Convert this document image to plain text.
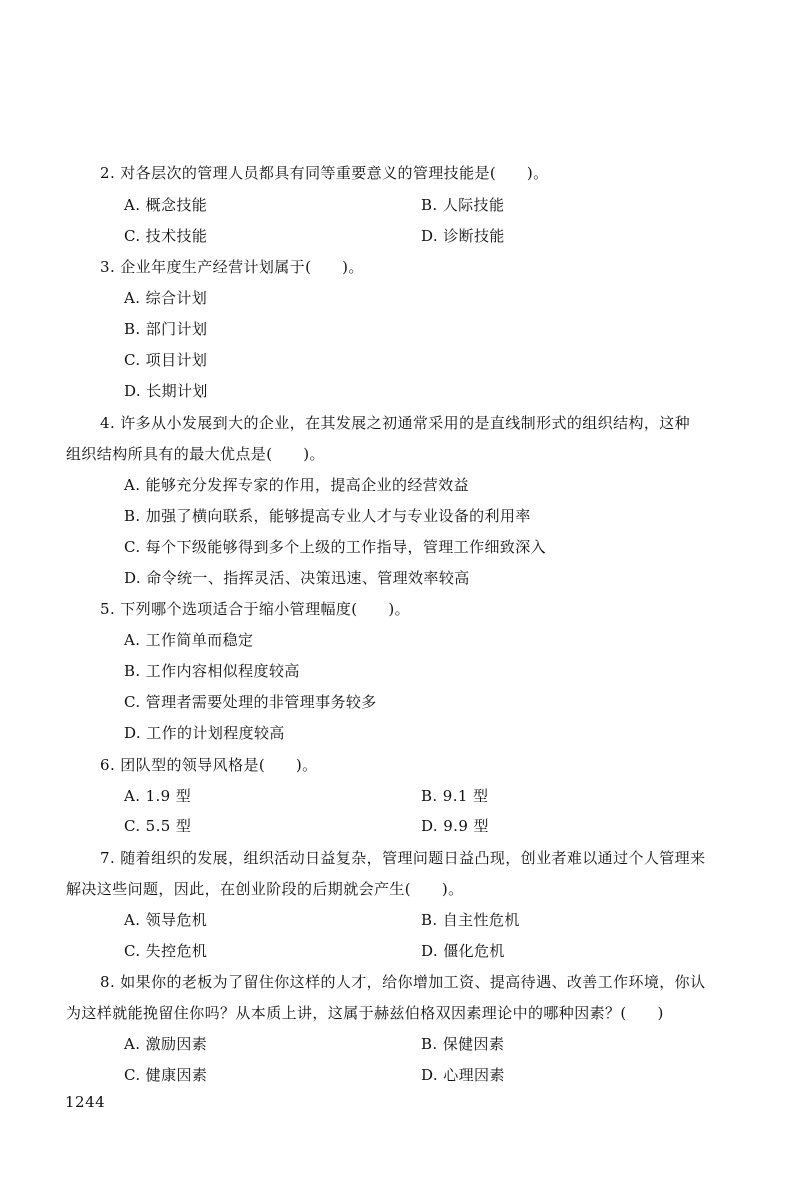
2. 对各层次的管理人员都具有同等重要意义的管理技能是(　　)。
A. 概念技能	B. 人际技能
C. 技术技能	D. 诊断技能
3. 企业年度生产经营计划属于(　　)。
A. 综合计划
B. 部门计划
C. 项目计划
D. 长期计划
4. 许多从小发展到大的企业，在其发展之初通常采用的是直线制形式的组织结构，这种
组织结构所具有的最大优点是(　　)。
A. 能够充分发挥专家的作用，提高企业的经营效益
B. 加强了横向联系，能够提高专业人才与专业设备的利用率
C. 每个下级能够得到多个上级的工作指导，管理工作细致深入
D. 命令统一、指挥灵活、决策迅速、管理效率较高
5. 下列哪个选项适合于缩小管理幅度(　　)。
A. 工作简单而稳定
B. 工作内容相似程度较高
C. 管理者需要处理的非管理事务较多
D. 工作的计划程度较高
6. 团队型的领导风格是(　　)。
A. 1.9 型	B. 9.1 型
C. 5.5 型	D. 9.9 型
7. 随着组织的发展，组织活动日益复杂，管理问题日益凸现，创业者难以通过个人管理来
解决这些问题，因此，在创业阶段的后期就会产生(　　)。
A. 领导危机	B. 自主性危机
C. 失控危机	D. 僵化危机
8. 如果你的老板为了留住你这样的人才，给你增加工资、提高待遇、改善工作环境，你认
为这样就能挽留住你吗？从本质上讲，这属于赫兹伯格双因素理论中的哪种因素？(　　)
A. 激励因素	B. 保健因素
C. 健康因素	D. 心理因素
1244
